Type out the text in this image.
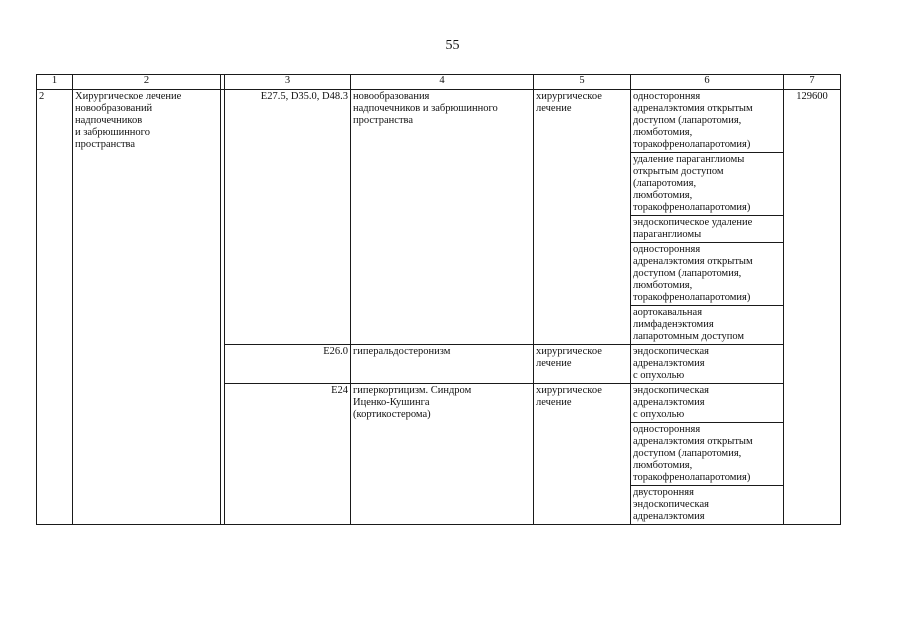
55
1	2		3	4	5	6	7
2	Хирургическое лечение
новообразований
надпочечников
и забрюшинного
пространства		E27.5, D35.0, D48.3	новообразования
надпочечников и забрюшинного
пространства	хирургическое
лечение	односторонняя
адреналэктомия открытым
доступом (лапаротомия,
люмботомия,
торакофренолапаротомия)	129600
						удаление параганглиомы
открытым доступом
(лапаротомия,
люмботомия,
торакофренолапаротомия)	
						эндоскопическое удаление
параганглиомы	
						односторонняя
адреналэктомия открытым
доступом (лапаротомия,
люмботомия,
торакофренолапаротомия)	
						аортокавальная
лимфаденэктомия
лапаротомным доступом	
			E26.0	гиперальдостеронизм	хирургическое
лечение	эндоскопическая
адреналэктомия
с опухолью	
			E24	гиперкортицизм. Синдром
Иценко-Кушинга
(кортикостерома)	хирургическое
лечение	эндоскопическая
адреналэктомия
с опухолью	
						односторонняя
адреналэктомия открытым
доступом (лапаротомия,
люмботомия,
торакофренолапаротомия)	
						двусторонняя
эндоскопическая
адреналэктомия	
